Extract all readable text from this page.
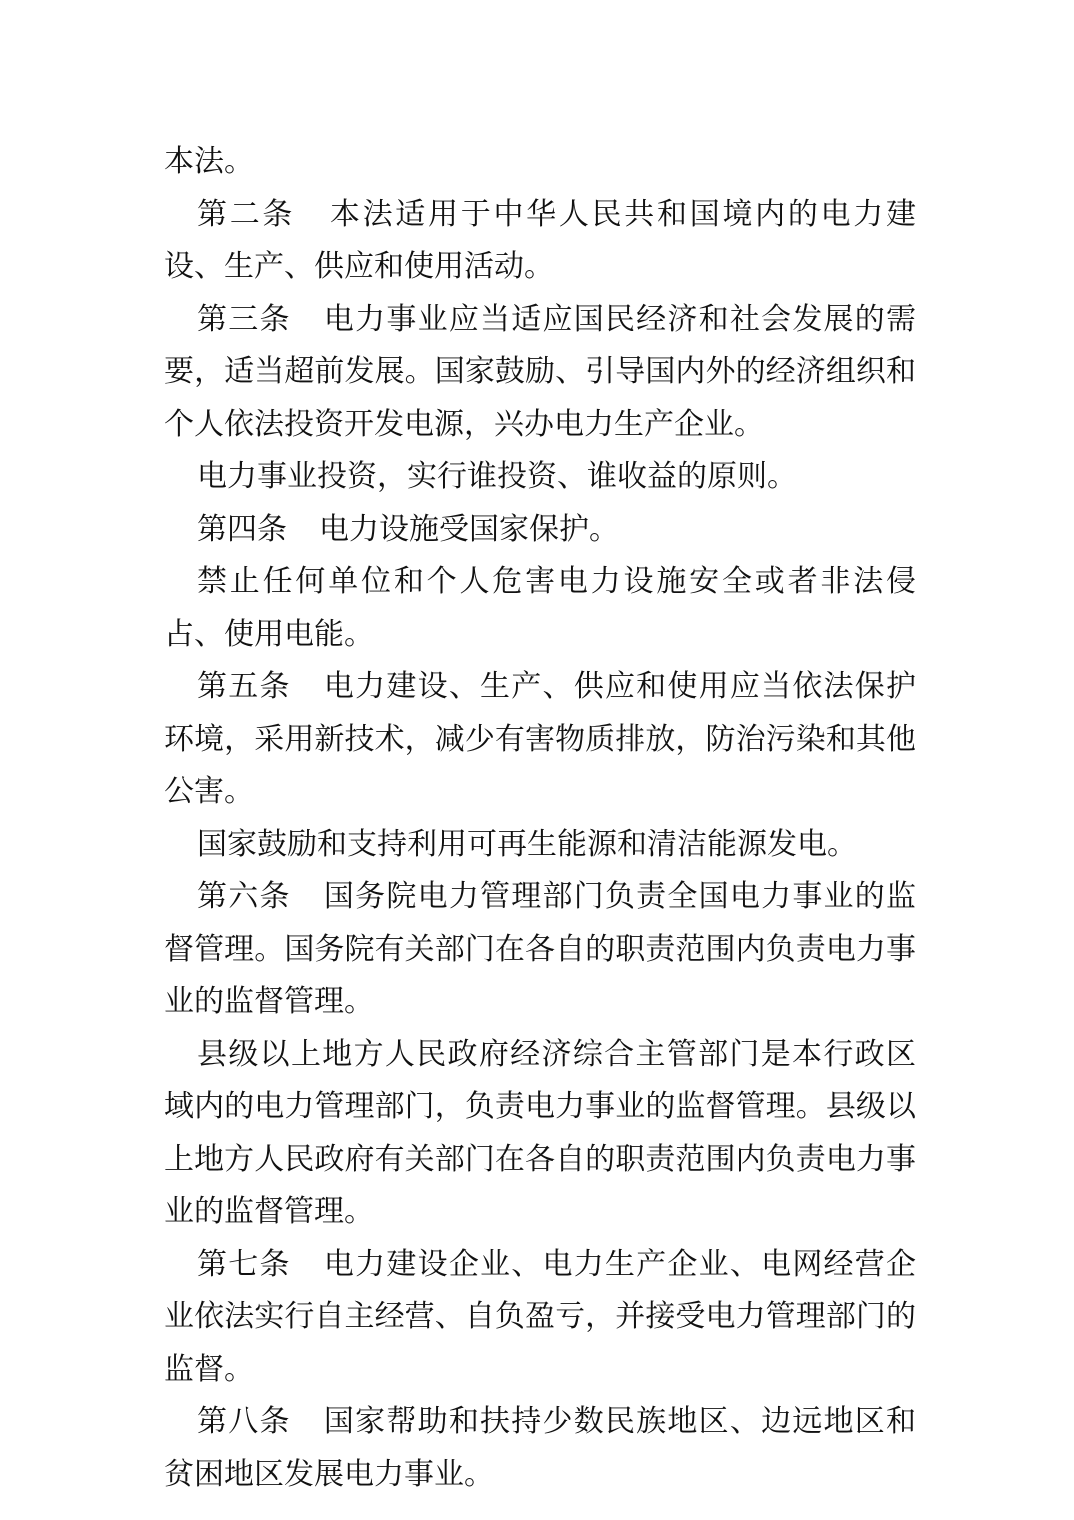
本法。

第二条 本法适用于中华人民共和国境内的电力建设、生产、供应和使用活动。

第三条 电力事业应当适应国民经济和社会发展的需要，适当超前发展。国家鼓励、引导国内外的经济组织和个人依法投资开发电源，兴办电力生产企业。

电力事业投资，实行谁投资、谁收益的原则。

第四条 电力设施受国家保护。

禁止任何单位和个人危害电力设施安全或者非法侵占、使用电能。

第五条 电力建设、生产、供应和使用应当依法保护环境，采用新技术，减少有害物质排放，防治污染和其他公害。

国家鼓励和支持利用可再生能源和清洁能源发电。

第六条 国务院电力管理部门负责全国电力事业的监督管理。国务院有关部门在各自的职责范围内负责电力事业的监督管理。

县级以上地方人民政府经济综合主管部门是本行政区域内的电力管理部门，负责电力事业的监督管理。县级以上地方人民政府有关部门在各自的职责范围内负责电力事业的监督管理。

第七条 电力建设企业、电力生产企业、电网经营企业依法实行自主经营、自负盈亏，并接受电力管理部门的监督。

第八条 国家帮助和扶持少数民族地区、边远地区和贫困地区发展电力事业。
